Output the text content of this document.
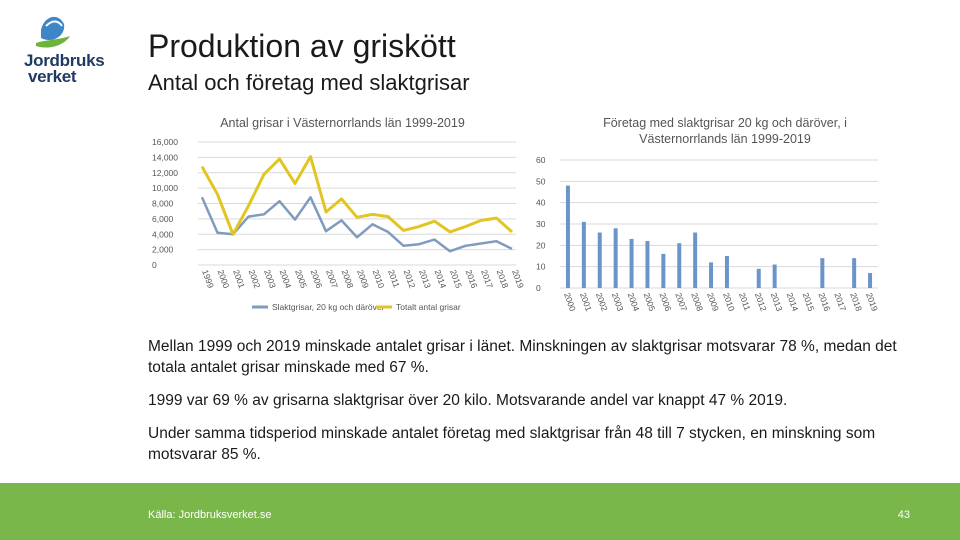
Jordbruks
verket
Produktion av griskött
Antal och företag med slaktgrisar
Antal grisar i Västernorrlands län 1999-2019	Företag med slaktgrisar 20 kg och däröver, i Västernorrlands län 1999-2019
0
2,000
4,000
6,000
8,000
10,000
12,000
14,000
16,000
1999 2000 2001 2002 2003 2004 2005 2006 2007 2008 2009 2010 2011 2012 2013 2014 2015 2016 2017 2018 2019
Slaktgrisar, 20 kg och däröver Totalt antal grisar
0
10
20
30
40
50
60
2000 2001 2002 2003 2004 2005 2006 2007 2008 2009 2010 2011 2012 2013 2014 2015 2016 2017 2018 2019

Mellan 1999 och 2019 minskade antalet grisar i länet. Minskningen av slaktgrisar motsvarar 78 %, medan det totala antalet grisar minskade med 67 %.

1999 var 69 % av grisarna slaktgrisar över 20 kilo. Motsvarande andel var knappt 47 % 2019.

Under samma tidsperiod minskade antalet företag med slaktgrisar från 48 till 7 stycken, en minskning som motsvarar 85 %.

Källa: Jordbruksverket.se	43
